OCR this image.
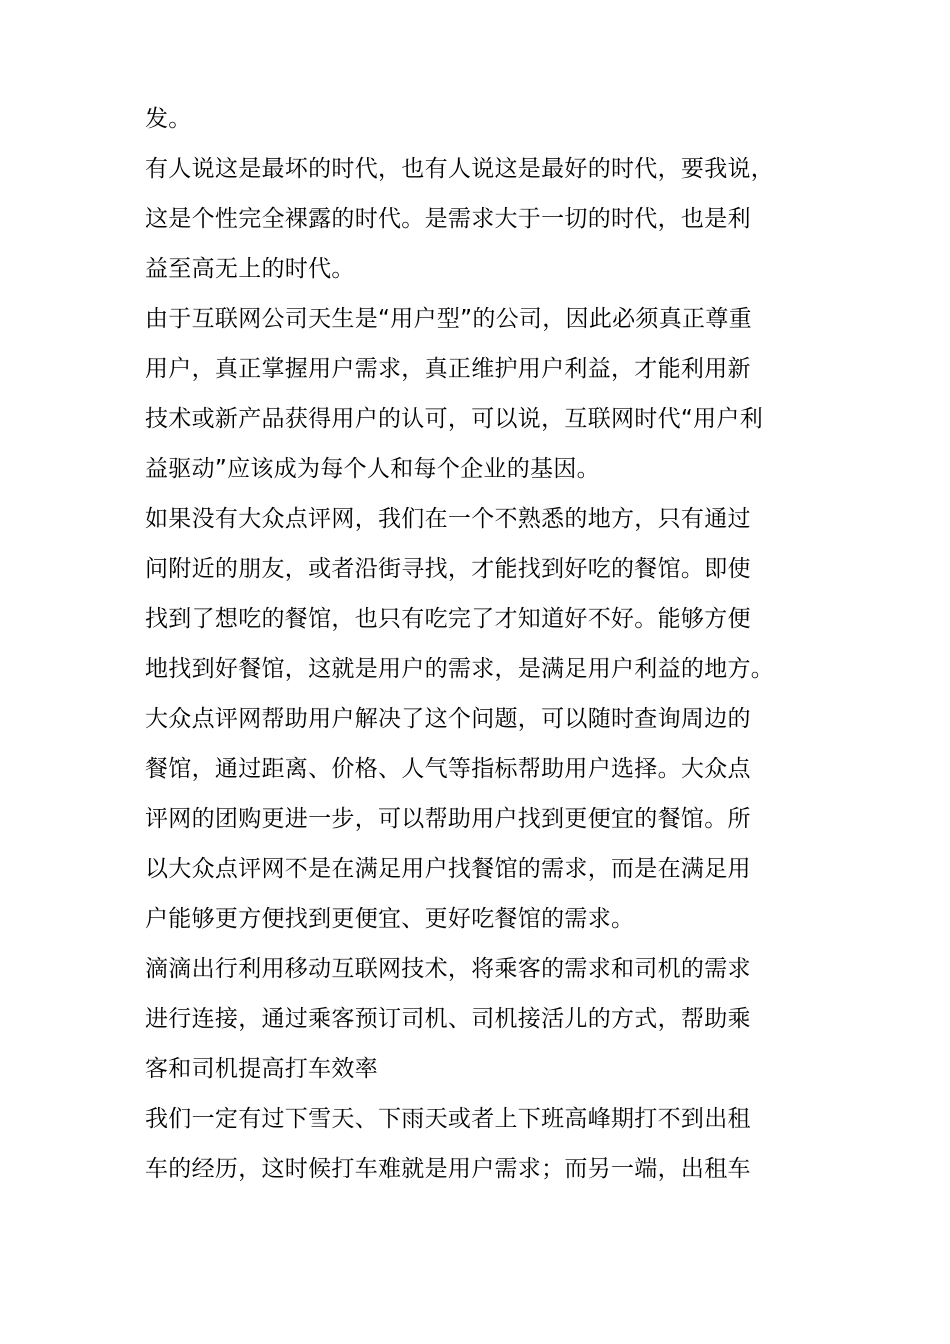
发。
有人说这是最坏的时代，也有人说这是最好的时代，要我说，
这是个性完全裸露的时代。是需求大于一切的时代，也是利
益至高无上的时代。
由于互联网公司天生是“用户型”的公司，因此必须真正尊重
用户，真正掌握用户需求，真正维护用户利益，才能利用新
技术或新产品获得用户的认可，可以说，互联网时代“用户利
益驱动”应该成为每个人和每个企业的基因。
如果没有大众点评网，我们在一个不熟悉的地方，只有通过
问附近的朋友，或者沿街寻找，才能找到好吃的餐馆。即使
找到了想吃的餐馆，也只有吃完了才知道好不好。能够方便
地找到好餐馆，这就是用户的需求，是满足用户利益的地方。
大众点评网帮助用户解决了这个问题，可以随时查询周边的
餐馆，通过距离、价格、人气等指标帮助用户选择。大众点
评网的团购更进一步，可以帮助用户找到更便宜的餐馆。所
以大众点评网不是在满足用户找餐馆的需求，而是在满足用
户能够更方便找到更便宜、更好吃餐馆的需求。
滴滴出行利用移动互联网技术，将乘客的需求和司机的需求
进行连接，通过乘客预订司机、司机接活儿的方式，帮助乘
客和司机提高打车效率
我们一定有过下雪天、下雨天或者上下班高峰期打不到出租
车的经历，这时候打车难就是用户需求；而另一端，出租车
